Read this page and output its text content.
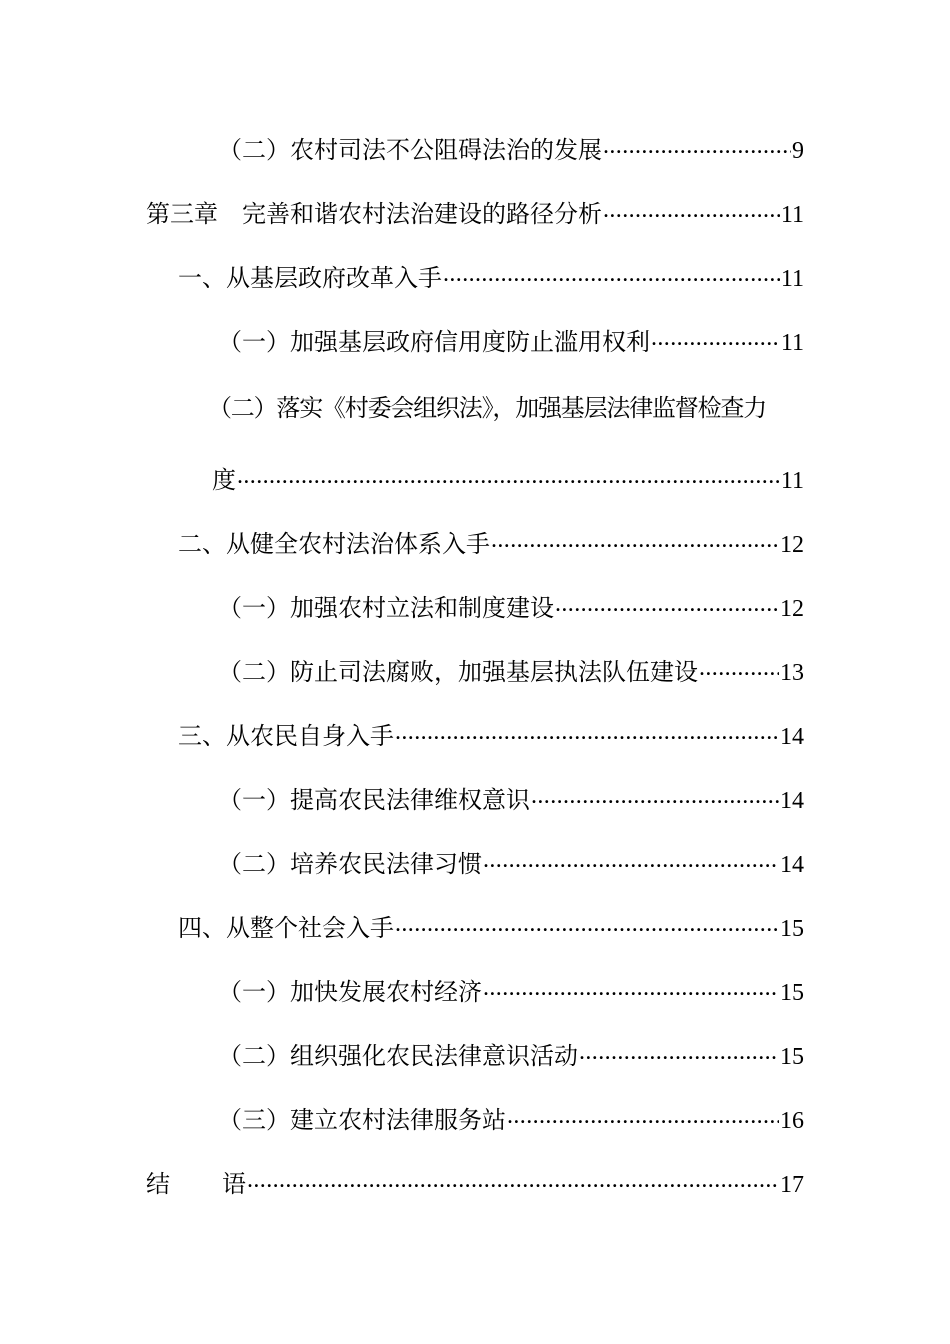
（二）农村司法不公阻碍法治的发展 .....	9
第三章　完善和谐农村法治建设的路径分析 .....	11
一、从基层政府改革入手 .....	11
（一）加强基层政府信用度防止滥用权利 .....	11
（二）落实《村委会组织法》，加强基层法律监督检查力
度 .....	11
二、从健全农村法治体系入手 .....	12
（一）加强农村立法和制度建设 .....	12
（二）防止司法腐败，加强基层执法队伍建设 .....	13
三、从农民自身入手 .....	14
（一）提高农民法律维权意识 .....	14
（二）培养农民法律习惯 .....	14
四、从整个社会入手 .....	15
（一）加快发展农村经济 .....	15
（二）组织强化农民法律意识活动 .....	15
（三）建立农村法律服务站 .....	16
结 语 .....	17
